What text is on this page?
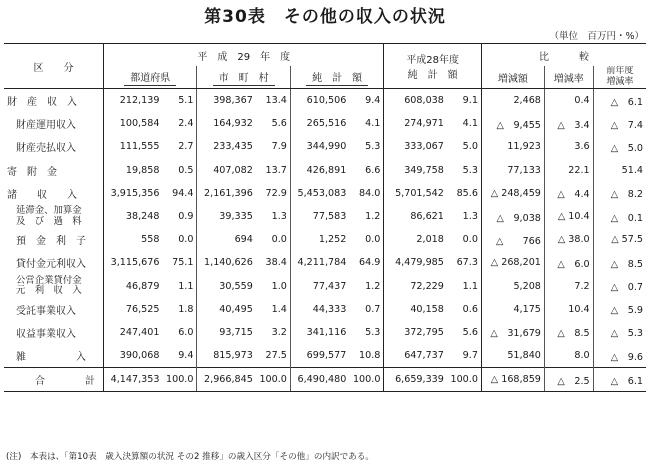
第30表　その他の収入の状況
（単位　百万円・%）
区　　分	平　成　29　年　度						平成28年度
純　計　額		比　　　較		
	都道府県		市　町　村		純　計　額				増減額	増減率	前年度
増減率

財　産　収　入	212,139	5.1	398,367	13.4	610,506	9.4	608,038	9.1	2,468	0.4	△　6.1
財産運用収入	100,584	2.4	164,932	5.6	265,516	4.1	274,971	4.1	△　9,455	△　3.4	△　7.4
財産売払収入	111,555	2.7	233,435	7.9	344,990	5.3	333,067	5.0	11,923	3.6	△　5.0
寄　附　金	19,858	0.5	407,082	13.7	426,891	6.6	349,758	5.3	77,133	22.1	51.4
諸　　収　　入	3,915,356	94.4	2,161,396	72.9	5,453,083	84.0	5,701,542	85.6	△ 248,459	△　4.4	△　8.2

延滞金、加算金
及　び　過　料	38,248	0.9	39,335	1.3	77,583	1.2	86,621	1.3	△　9,038	△ 10.4	△　0.1
預　金　利　子	558	0.0	694	0.0	1,252	0.0	2,018	0.0	△　　766	△ 38.0	△ 57.5
貸付金元利収入	3,115,676	75.1	1,140,626	38.4	4,211,784	64.9	4,479,985	67.3	△ 268,201	△　6.0	△　8.5

公営企業貸付金
元　利　収　入	46,879	1.1	30,559	1.0	77,437	1.2	72,229	1.1	5,208	7.2	△　0.7
受託事業収入	76,525	1.8	40,495	1.4	44,333	0.7	40,158	0.6	4,175	10.4	△　5.9
収益事業収入	247,401	6.0	93,715	3.2	341,116	5.3	372,795	5.6	△　31,679	△　8.5	△　5.3
雑　　　　　入	390,068	9.4	815,973	27.5	699,577	10.8	647,737	9.7	51,840	8.0	△　9.6
合　　　　計	4,147,353	100.0	2,966,845	100.0	6,490,480	100.0	6,659,339	100.0	△ 168,859	△　2.5	△　6.1
(注)　本表は、「第10表　歳入決算額の状況 その2 推移」の歳入区分「その他」の内訳である。
